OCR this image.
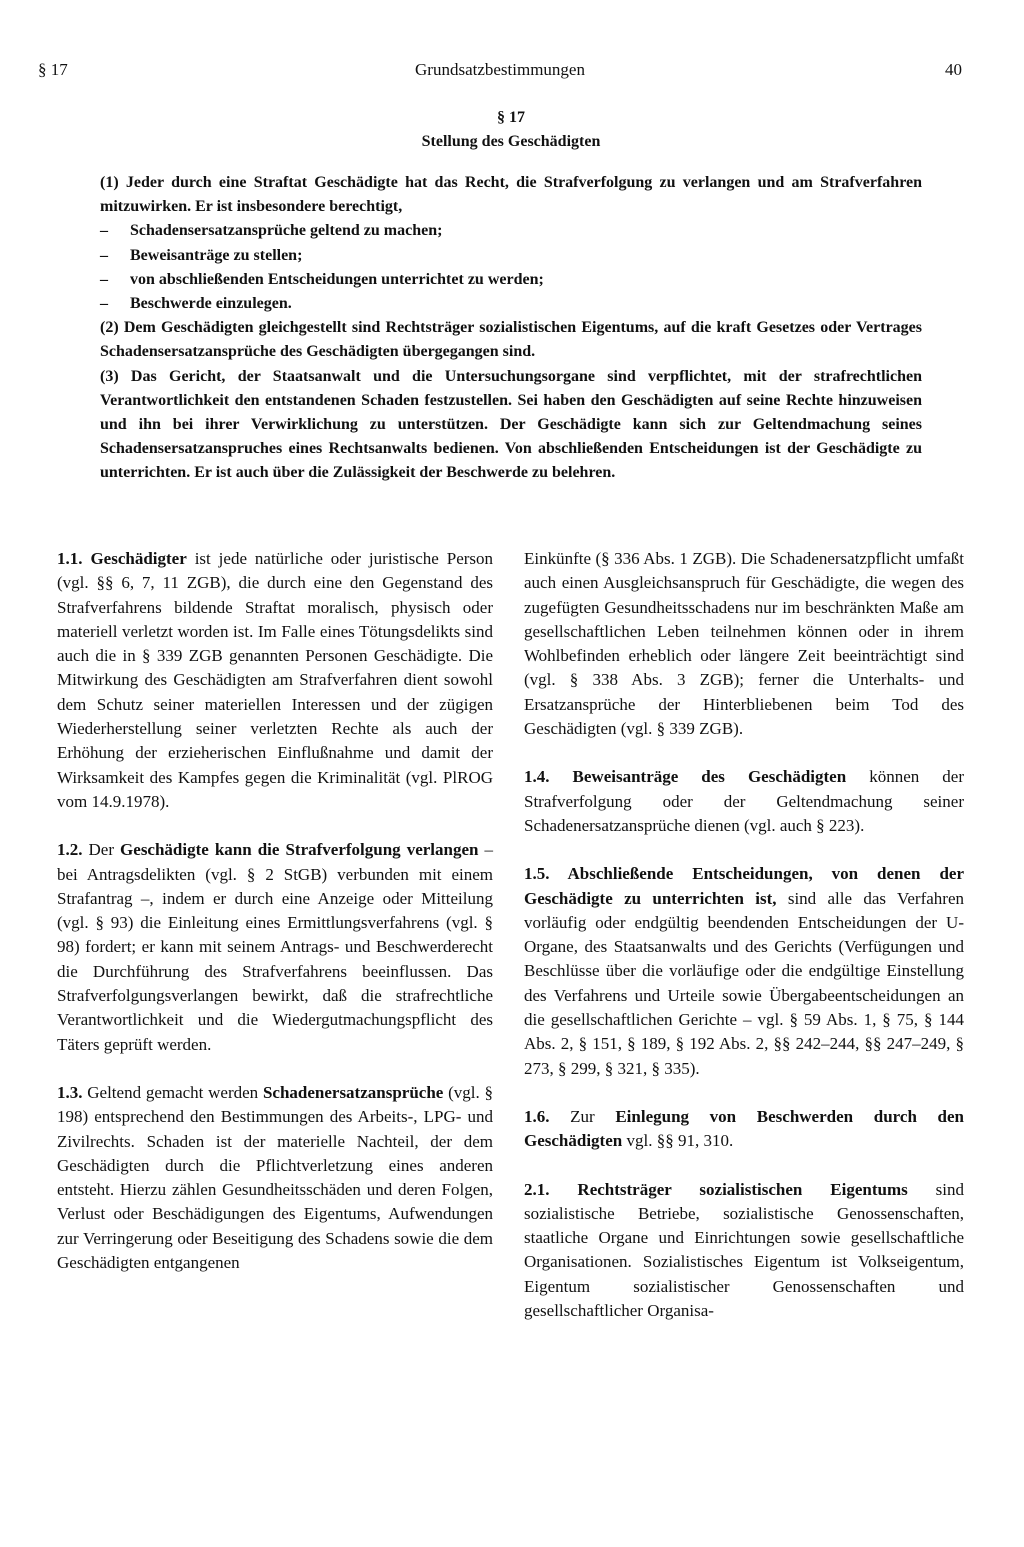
§ 17	Grundsatzbestimmungen	40
§ 17
Stellung des Geschädigten

(1) Jeder durch eine Straftat Geschädigte hat das Recht, die Strafverfolgung zu verlangen und am Strafverfahren mitzuwirken. Er ist insbesondere berechtigt,

– Schadensersatzansprüche geltend zu machen;
– Beweisanträge zu stellen;
– von abschließenden Entscheidungen unterrichtet zu werden;
– Beschwerde einzulegen.

(2) Dem Geschädigten gleichgestellt sind Rechtsträger sozialistischen Eigentums, auf die kraft Gesetzes oder Vertrages Schadensersatzansprüche des Geschädigten übergegangen sind.

(3) Das Gericht, der Staatsanwalt und die Untersuchungsorgane sind verpflichtet, mit der strafrechtlichen Verantwortlichkeit den entstandenen Schaden festzustellen. Sei haben den Geschädigten auf seine Rechte hinzuweisen und ihn bei ihrer Verwirklichung zu unterstützen. Der Geschädigte kann sich zur Geltendmachung seines Schadensersatzanspruches eines Rechtsanwalts bedienen. Von abschließenden Entscheidungen ist der Geschädigte zu unterrichten. Er ist auch über die Zulässigkeit der Beschwerde zu belehren.

1.1. Geschädigter ist jede natürliche oder juristische Person (vgl. §§ 6, 7, 11 ZGB), die durch eine den Gegenstand des Strafverfahrens bildende Straftat moralisch, physisch oder materiell verletzt worden ist. Im Falle eines Tötungsdelikts sind auch die in § 339 ZGB genannten Personen Geschädigte. Die Mitwirkung des Geschädigten am Strafverfahren dient sowohl dem Schutz seiner materiellen Interessen und der zügigen Wiederherstellung seiner verletzten Rechte als auch der Erhöhung der erzieherischen Einflußnahme und damit der Wirksamkeit des Kampfes gegen die Kriminalität (vgl. PlROG vom 14.9.1978).

1.2. Der Geschädigte kann die Strafverfolgung verlangen – bei Antragsdelikten (vgl. § 2 StGB) verbunden mit einem Strafantrag –, indem er durch eine Anzeige oder Mitteilung (vgl. § 93) die Einleitung eines Ermittlungsverfahrens (vgl. § 98) fordert; er kann mit seinem Antrags- und Beschwerderecht die Durchführung des Strafverfahrens beeinflussen. Das Strafverfolgungsverlangen bewirkt, daß die strafrechtliche Verantwortlichkeit und die Wiedergutmachungspflicht des Täters geprüft werden.

1.3. Geltend gemacht werden Schadenersatzansprüche (vgl. § 198) entsprechend den Bestimmungen des Arbeits-, LPG- und Zivilrechts. Schaden ist der materielle Nachteil, der dem Geschädigten durch die Pflichtverletzung eines anderen entsteht. Hierzu zählen Gesundheitsschäden und deren Folgen, Verlust oder Beschädigungen des Eigentums, Aufwendungen zur Verringerung oder Beseitigung des Schadens sowie die dem Geschädigten entgangenen

Einkünfte (§ 336 Abs. 1 ZGB). Die Schadenersatzpflicht umfaßt auch einen Ausgleichsanspruch für Geschädigte, die wegen des zugefügten Gesundheitsschadens nur im beschränkten Maße am gesellschaftlichen Leben teilnehmen können oder in ihrem Wohlbefinden erheblich oder längere Zeit beeinträchtigt sind (vgl. § 338 Abs. 3 ZGB); ferner die Unterhalts- und Ersatzansprüche der Hinterbliebenen beim Tod des Geschädigten (vgl. § 339 ZGB).

1.4. Beweisanträge des Geschädigten können der Strafverfolgung oder der Geltendmachung seiner Schadenersatzansprüche dienen (vgl. auch § 223).

1.5. Abschließende Entscheidungen, von denen der Geschädigte zu unterrichten ist, sind alle das Verfahren vorläufig oder endgültig beendenden Entscheidungen der U-Organe, des Staatsanwalts und des Gerichts (Verfügungen und Beschlüsse über die vorläufige oder die endgültige Einstellung des Verfahrens und Urteile sowie Übergabeentscheidungen an die gesellschaftlichen Gerichte – vgl. § 59 Abs. 1, § 75, § 144 Abs. 2, § 151, § 189, § 192 Abs. 2, §§ 242–244, §§ 247–249, § 273, § 299, § 321, § 335).

1.6. Zur Einlegung von Beschwerden durch den Geschädigten vgl. §§ 91, 310.

2.1. Rechtsträger sozialistischen Eigentums sind sozialistische Betriebe, sozialistische Genossenschaften, staatliche Organe und Einrichtungen sowie gesellschaftliche Organisationen. Sozialistisches Eigentum ist Volkseigentum, Eigentum sozialistischer Genossenschaften und gesellschaftlicher Organisa-
